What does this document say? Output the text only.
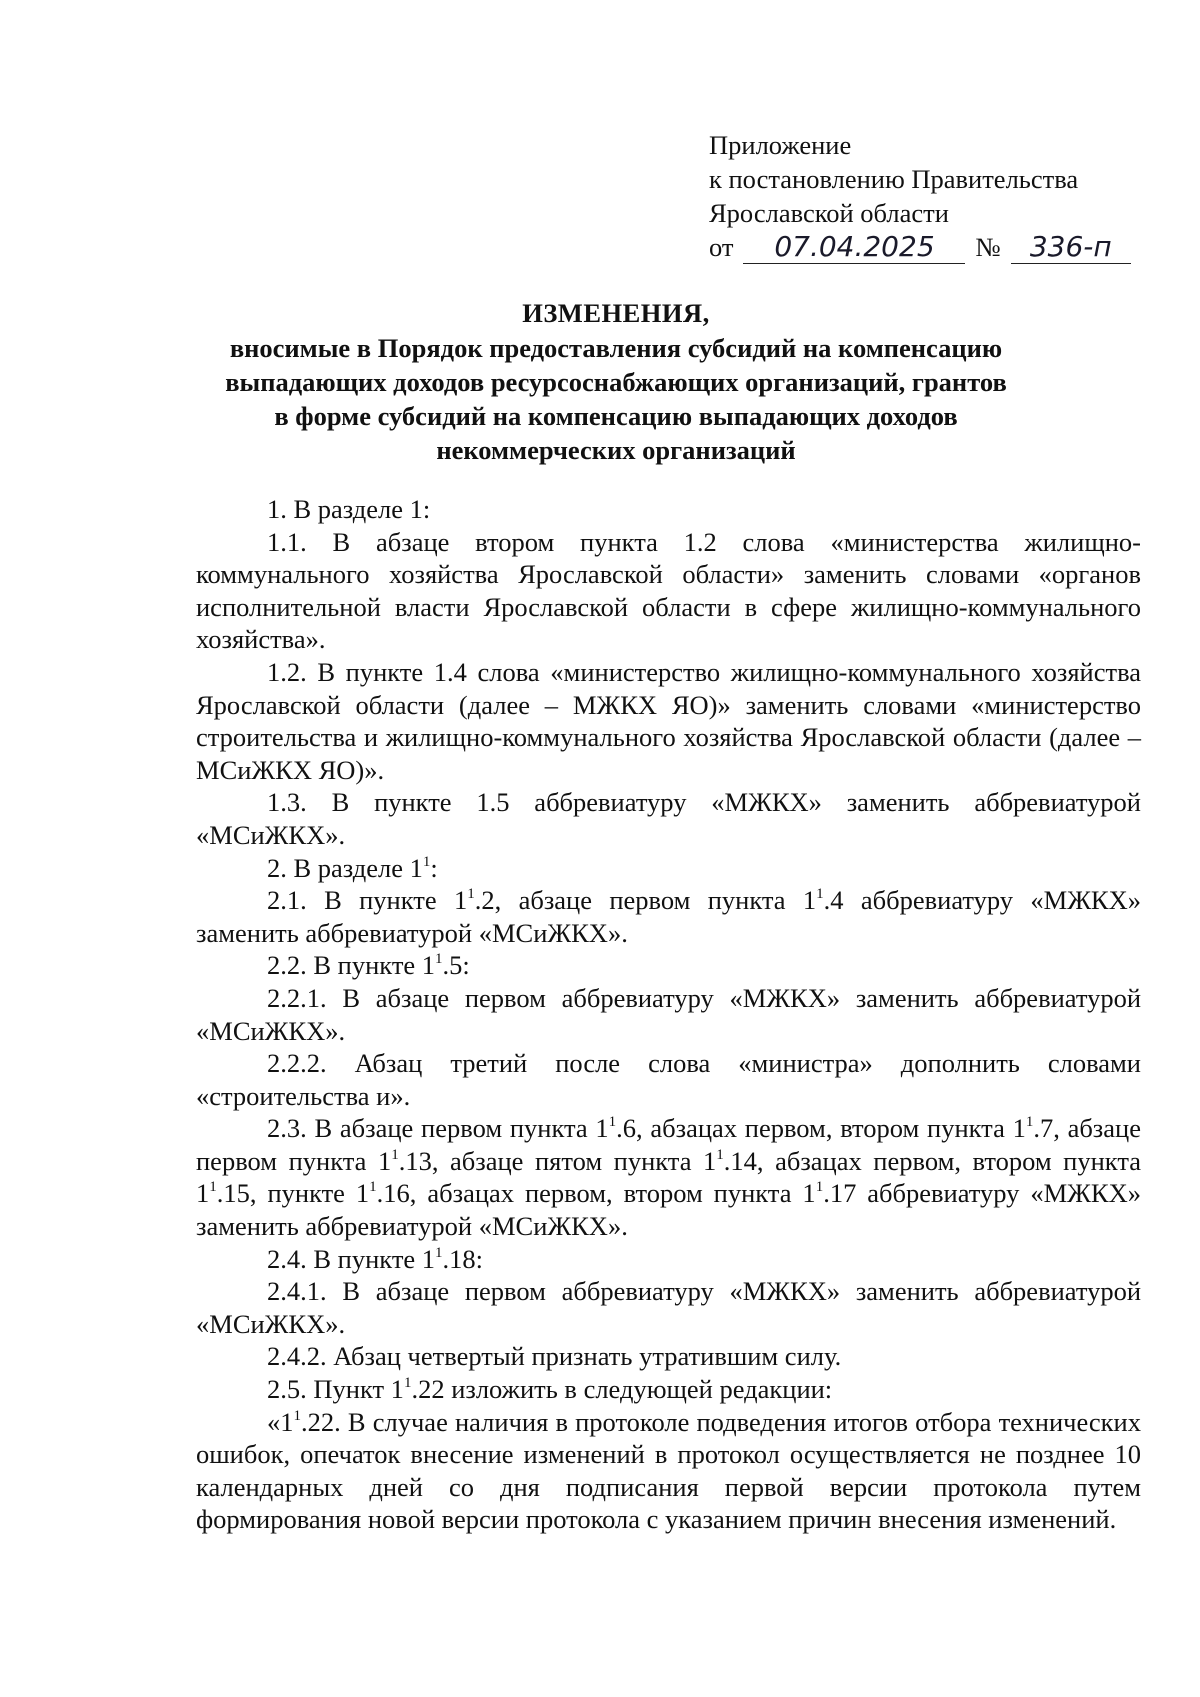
Приложение
к постановлению Правительства
Ярославской области
от	07.04.2025	№	336-п
ИЗМЕНЕНИЯ,
вносимые в Порядок предоставления субсидий на компенсацию
выпадающих доходов ресурсоснабжающих организаций, грантов
в форме субсидий на компенсацию выпадающих доходов
некоммерческих организаций

1. В разделе 1:

1.1. В абзаце втором пункта 1.2 слова «министерства жилищно-коммунального хозяйства Ярославской области» заменить словами «органов исполнительной власти Ярославской области в сфере жилищно-коммунального хозяйства».

1.2. В пункте 1.4 слова «министерство жилищно-коммунального хозяйства Ярославской области (далее – МЖКХ ЯО)» заменить словами «министерство строительства и жилищно-коммунального хозяйства Ярославской области (далее – МСиЖКХ ЯО)».

1.3. В пункте 1.5 аббревиатуру «МЖКХ» заменить аббревиатурой «МСиЖКХ».

2. В разделе $1^1$:

2.1. В пункте $1^1.2$, абзаце первом пункта $1^1.4$ аббревиатуру «МЖКХ» заменить аббревиатурой «МСиЖКХ».

2.2. В пункте $1^1.5$:

2.2.1. В абзаце первом аббревиатуру «МЖКХ» заменить аббревиатурой «МСиЖКХ».

2.2.2. Абзац третий после слова «министра» дополнить словами «строительства и».

2.3. В абзаце первом пункта $1^1.6$, абзацах первом, втором пункта $1^1.7$, абзаце первом пункта $1^1.13$, абзаце пятом пункта $1^1.14$, абзацах первом, втором пункта $1^1.15$, пункте $1^1.16$, абзацах первом, втором пункта $1^1.17$ аббревиатуру «МЖКХ» заменить аббревиатурой «МСиЖКХ».

2.4. В пункте $1^1.18$:

2.4.1. В абзаце первом аббревиатуру «МЖКХ» заменить аббревиатурой «МСиЖКХ».

2.4.2. Абзац четвертый признать утратившим силу.

2.5. Пункт $1^1.22$ изложить в следующей редакции:

«$1^1.22$. В случае наличия в протоколе подведения итогов отбора технических ошибок, опечаток внесение изменений в протокол осуществляется не позднее 10 календарных дней со дня подписания первой версии протокола путем формирования новой версии протокола с указанием причин внесения изменений.
